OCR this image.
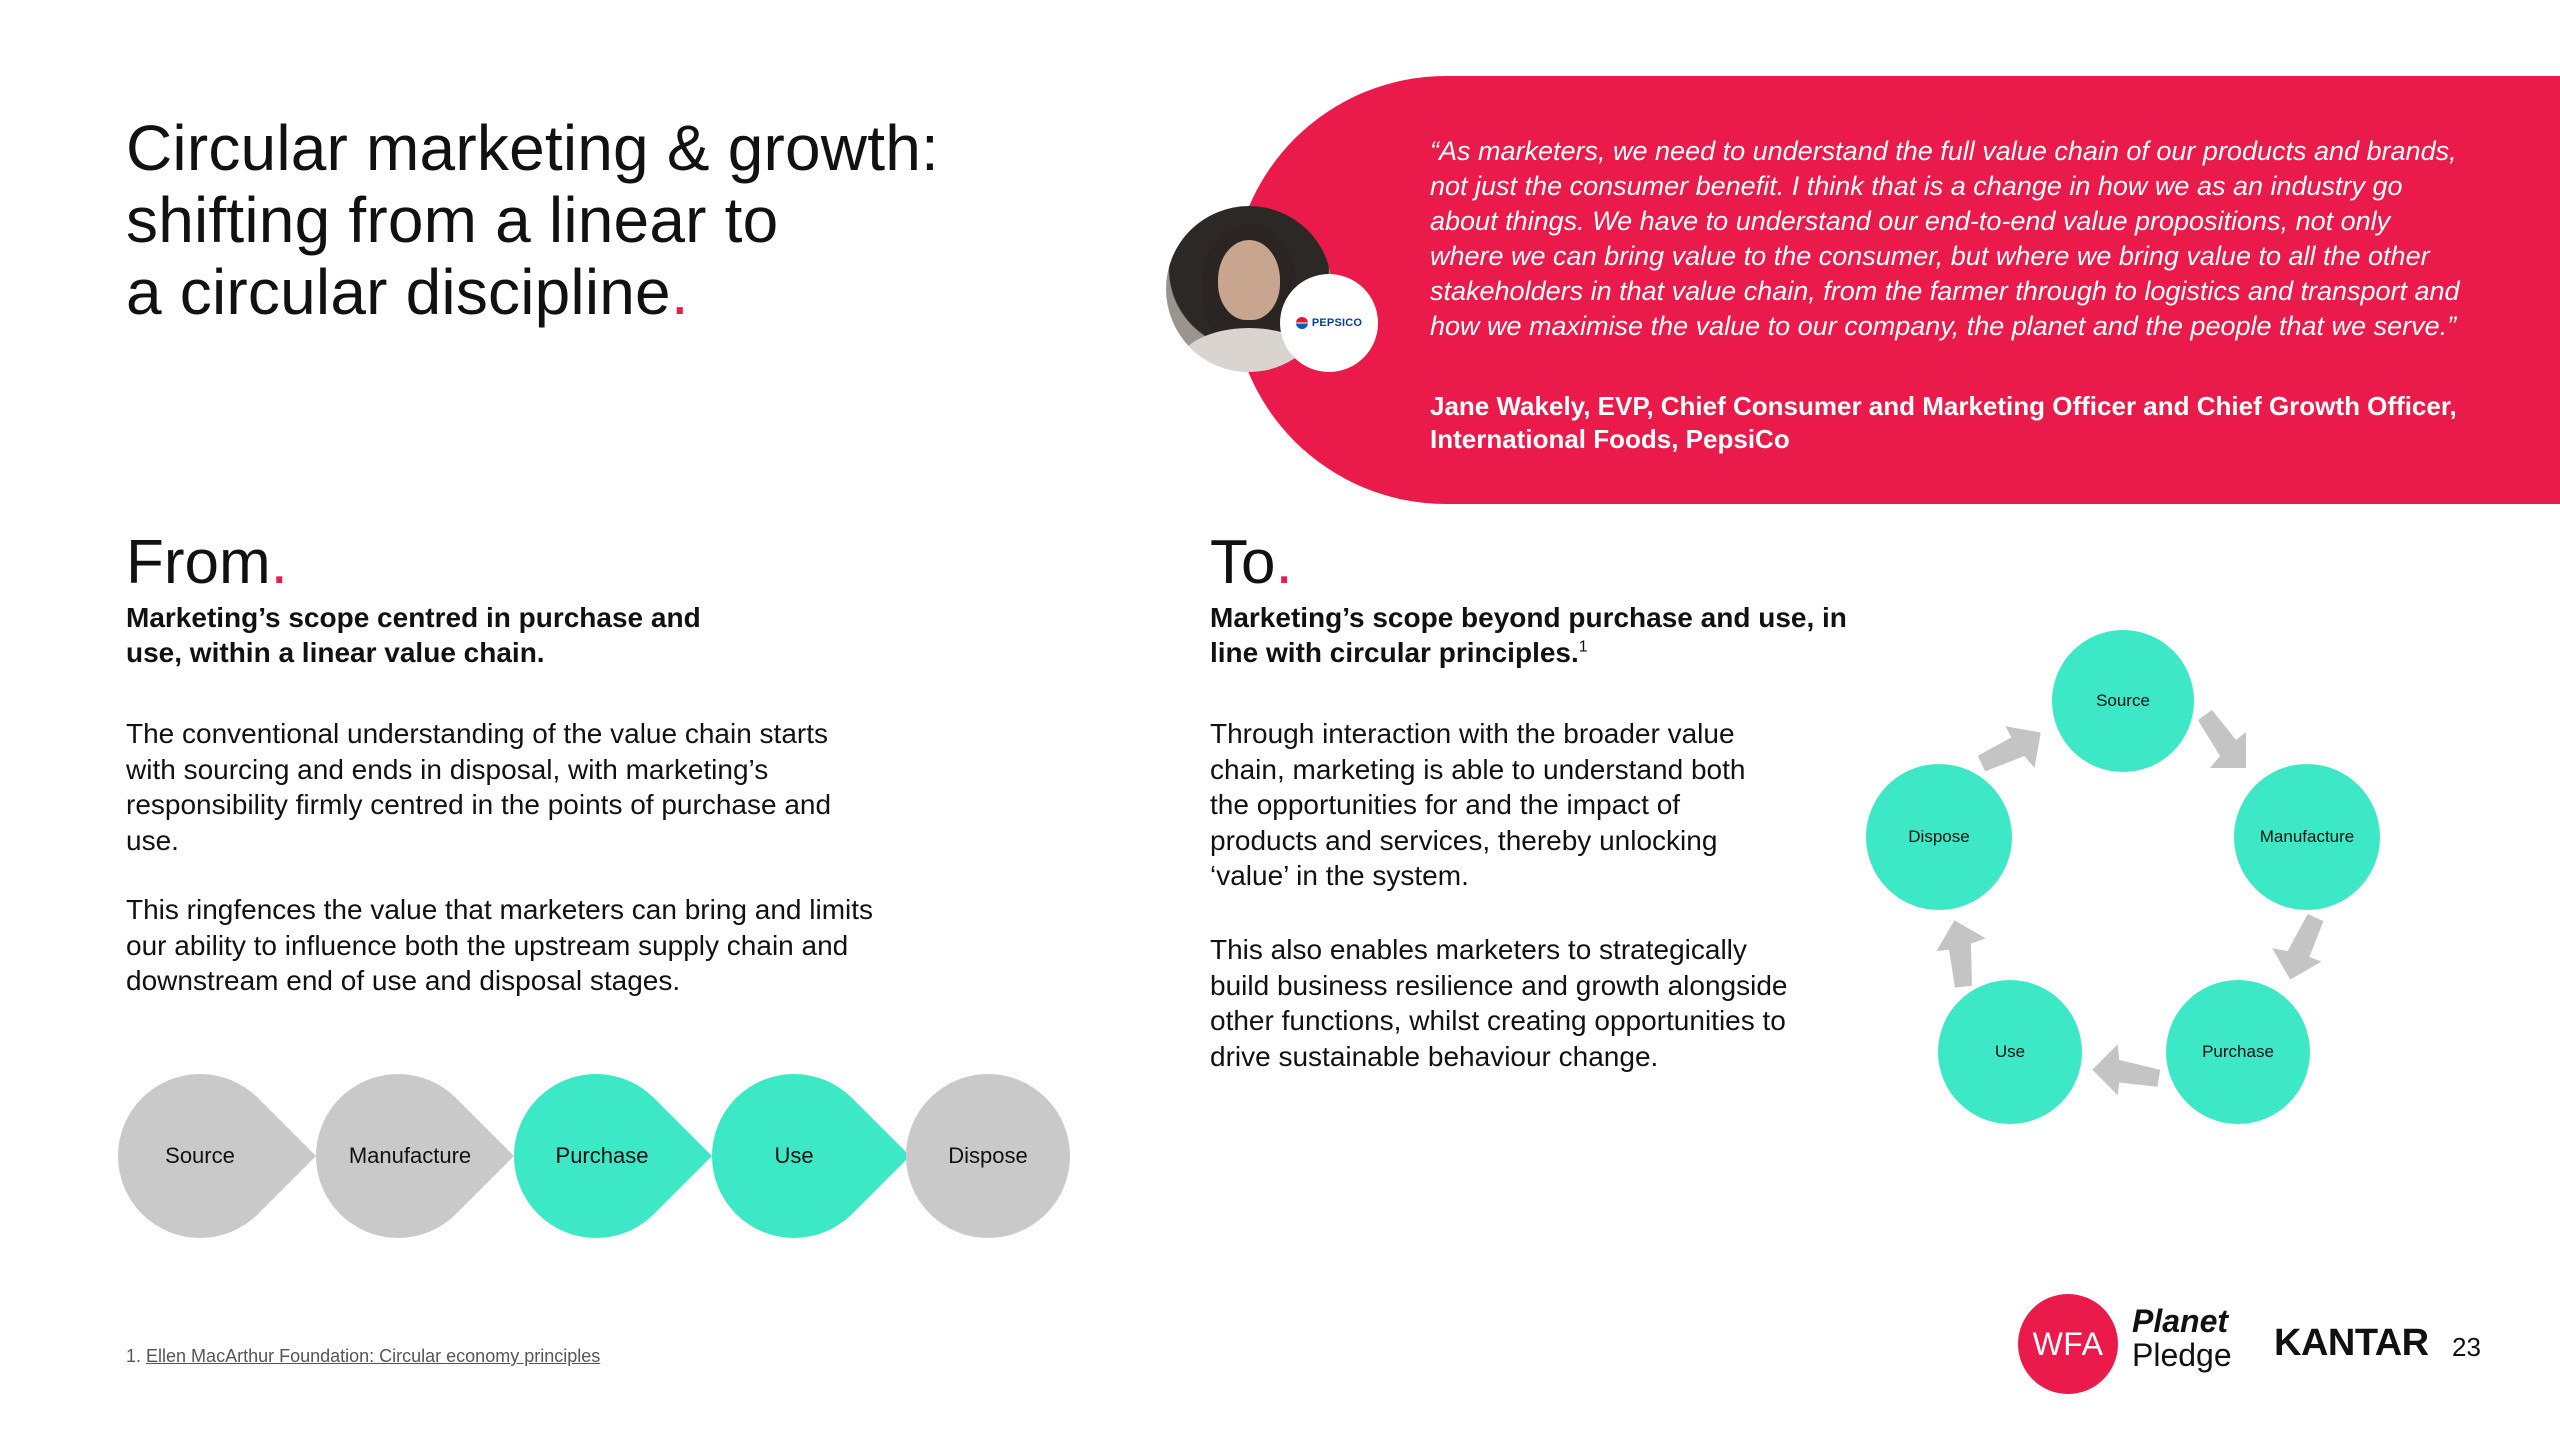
Circular marketing & growth:
shifting from a linear to
a circular discipline.	PEPSICO
“As marketers, we need to understand the full value chain of our products and brands, not just the consumer benefit. I think that is a change in how we as an industry go about things. We have to understand our end-to-end value propositions, not only where we can bring value to the consumer, but where we bring value to all the other stakeholders in that value chain, from the farmer through to logistics and transport and how we maximise the value to our company, the planet and the people that we serve.”
Jane Wakely, EVP, Chief Consumer and Marketing Officer and Chief Growth Officer, International Foods, PepsiCo
From.
Marketing’s scope centred in purchase and use, within a linear value chain.
The conventional understanding of the value chain starts with sourcing and ends in disposal, with marketing’s responsibility firmly centred in the points of purchase and use.
This ringfences the value that marketers can bring and limits our ability to influence both the upstream supply chain and downstream end of use and disposal stages.
Source	Manufacture	Purchase	Use	Dispose
To.
Marketing’s scope beyond purchase and use, in line with circular principles.$^1$
Through interaction with the broader value chain, marketing is able to understand both the opportunities for and the impact of products and services, thereby unlocking ‘value’ in the system.
This also enables marketers to strategically build business resilience and growth alongside other functions, whilst creating opportunities to drive sustainable behaviour change.
Source
Manufacture
Purchase
Use
Dispose
1. Ellen MacArthur Foundation: Circular economy principles	WFA
Planet
Pledge KANTAR 23
